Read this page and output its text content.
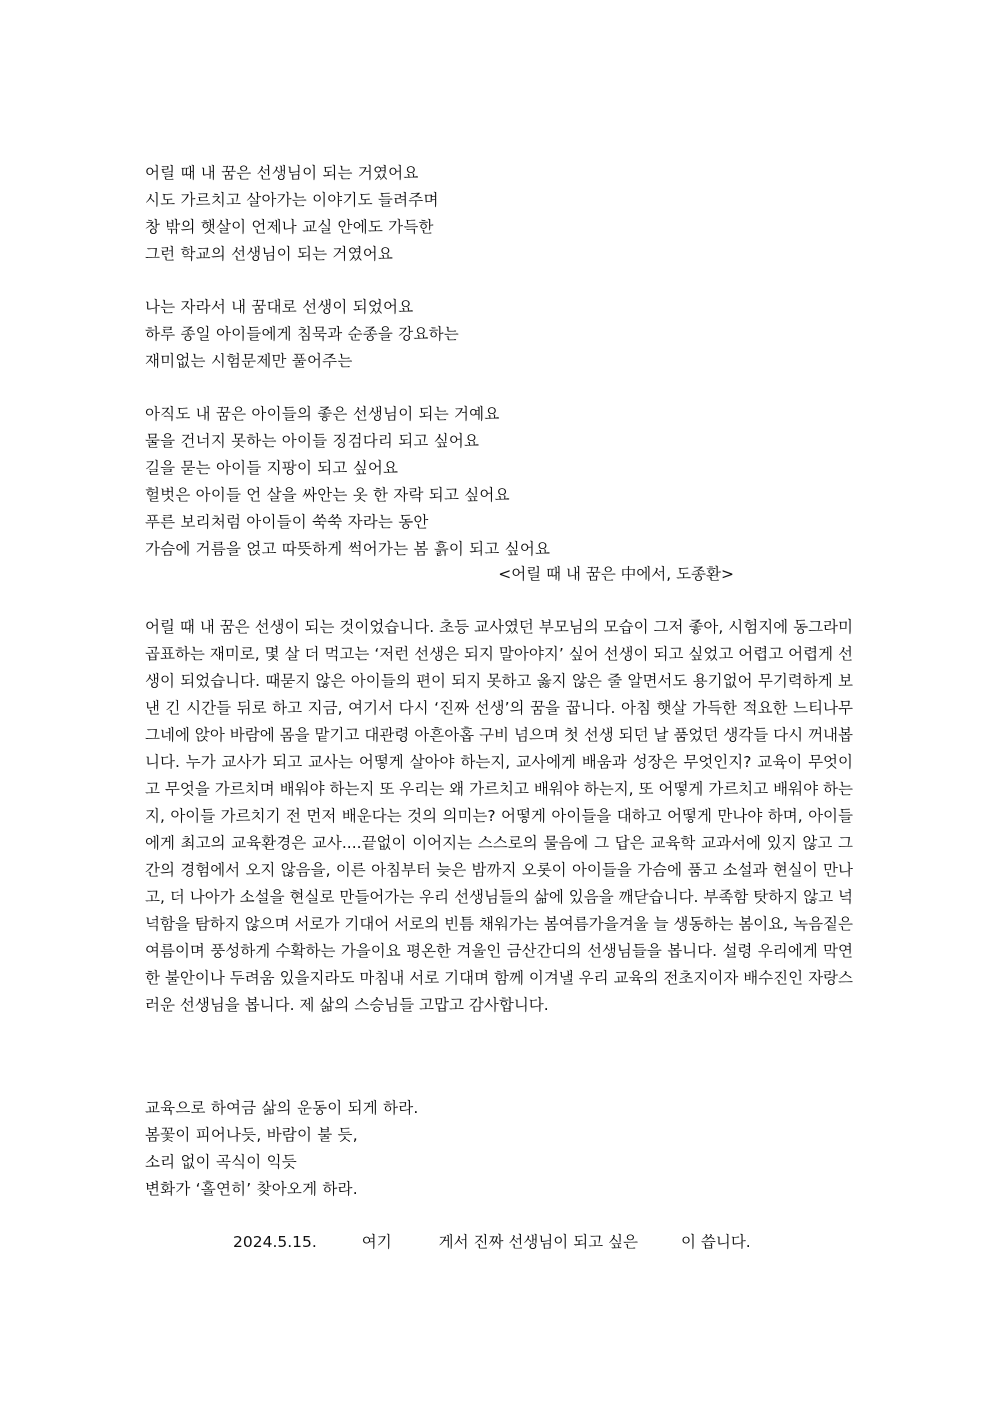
어릴 때 내 꿈은 선생님이 되는 거였어요
시도 가르치고 살아가는 이야기도 들려주며
창 밖의 햇살이 언제나 교실 안에도 가득한
그런 학교의 선생님이 되는 거였어요
나는 자라서 내 꿈대로 선생이 되었어요
하루 종일 아이들에게 침묵과 순종을 강요하는
재미없는 시험문제만 풀어주는
아직도 내 꿈은 아이들의 좋은 선생님이 되는 거예요
물을 건너지 못하는 아이들 징검다리 되고 싶어요
길을 묻는 아이들 지팡이 되고 싶어요
헐벗은 아이들 언 살을 싸안는 옷 한 자락 되고 싶어요
푸른 보리처럼 아이들이 쑥쑥 자라는 동안
가슴에 거름을 얹고 따뜻하게 썩어가는 봄 흙이 되고 싶어요
<어릴 때 내 꿈은 中에서, 도종환>
어릴 때 내 꿈은 선생이 되는 것이었습니다. 초등 교사였던 부모님의 모습이 그저 좋아, 시험지에 동그라미 곱표하는 재미로, 몇 살 더 먹고는 ‘저런 선생은 되지 말아야지’ 싶어 선생이 되고 싶었고 어렵고 어렵게 선생이 되었습니다. 때묻지 않은 아이들의 편이 되지 못하고 옳지 않은 줄 알면서도 용기없어 무기력하게 보낸 긴 시간들 뒤로 하고 지금, 여기서 다시 ‘진짜 선생’의 꿈을 꿉니다. 아침 햇살 가득한 적요한 느티나무 그네에 앉아 바람에 몸을 맡기고 대관령 아흔아홉 구비 넘으며 첫 선생 되던 날 품었던 생각들 다시 꺼내봅니다. 누가 교사가 되고 교사는 어떻게 살아야 하는지, 교사에게 배움과 성장은 무엇인지? 교육이 무엇이고 무엇을 가르치며 배워야 하는지 또 우리는 왜 가르치고 배워야 하는지, 또 어떻게 가르치고 배워야 하는지, 아이들 가르치기 전 먼저 배운다는 것의 의미는? 어떻게 아이들을 대하고 어떻게 만나야 하며, 아이들에게 최고의 교육환경은 교사....끝없이 이어지는 스스로의 물음에 그 답은 교육학 교과서에 있지 않고 그간의 경험에서 오지 않음을, 이른 아침부터 늦은 밤까지 오롯이 아이들을 가슴에 품고 소설과 현실이 만나고, 더 나아가 소설을 현실로 만들어가는 우리 선생님들의 삶에 있음을 깨닫습니다. 부족함 탓하지 않고 넉넉함을 탐하지 않으며 서로가 기대어 서로의 빈틈 채워가는 봄여름가을겨울 늘 생동하는 봄이요, 녹음짙은 여름이며 풍성하게 수확하는 가을이요 평온한 겨울인 금산간디의 선생님들을 봅니다. 설령 우리에게 막연한 불안이나 두려움 있을지라도 마침내 서로 기대며 함께 이겨낼 우리 교육의 전초지이자 배수진인 자랑스러운 선생님을 봅니다. 제 삶의 스승님들 고맙고 감사합니다.
교육으로 하여금 삶의 운동이 되게 하라.
봄꽃이 피어나듯, 바람이 불 듯,
소리 없이 곡식이 익듯
변화가 ‘홀연히’ 찾아오게 하라.
2024.5.15.	여기	게서 진짜 선생님이 되고 싶은	이 씁니다.
